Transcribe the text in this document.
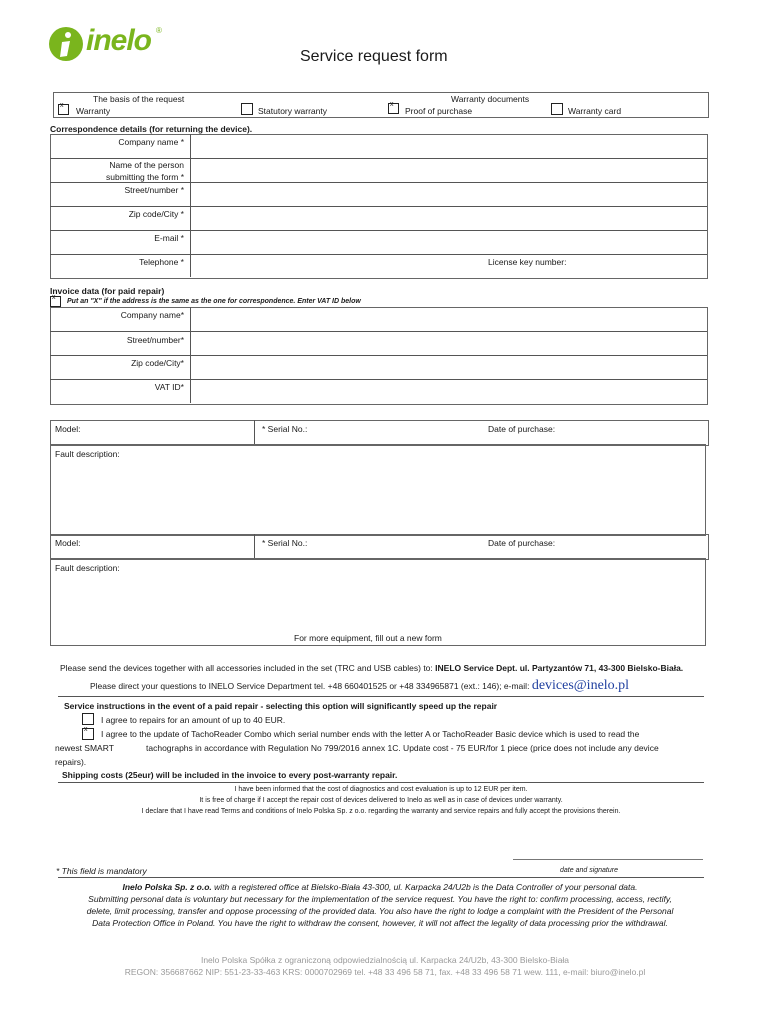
inelo ®
Service request form
The basis of the request
x
Warranty	Statutory warranty
Warranty documents
x
Proof of purchase	Warranty card
Correspondence details (for returning the device).
Company name *
Name of the person
submitting the form *
Street/number *
Zip code/City *
E-mail *
Telephone *	License key number:
Invoice data (for paid repair)
x
Put an "X" if the address is the same as the one for correspondence. Enter VAT ID below
Company name*
Street/number*
Zip code/City*
VAT ID*
Model:	* Serial No.:	Date of purchase:
Fault description:
Model:	* Serial No.:	Date of purchase:
Fault description:
For more equipment, fill out a new form
Please send the devices together with all accessories included in the set (TRC and USB cables) to: INELO Service Dept. ul. Partyzantów 71, 43-300 Bielsko-Biała.
Please direct your questions to INELO Service Department tel. +48 660401525 or +48 334965871 (ext.: 146); e-mail: devices@inelo.pl
Service instructions in the event of a paid repair - selecting this option will significantly speed up the repair
I agree to repairs for an amount of up to 40 EUR.
x I agree to the update of TachoReader Combo which serial number ends with the letter A or TachoReader Basic device which is used to read the
newest SMART	tachographs in accordance with Regulation No 799/2016 annex 1C. Update cost - 75 EUR/for 1 piece (price does not include any device
repairs).
Shipping costs (25eur) will be included in the invoice to every post-warranty repair.
I have been informed that the cost of diagnostics and cost evaluation is up to 12 EUR per item.
It is free of charge if I accept the repair cost of devices delivered to Inelo as well as in case of devices under warranty.
I declare that I have read Terms and conditions of Inelo Polska Sp. z o.o. regarding the warranty and service repairs and fully accept the provisions therein.
* This field is mandatory	date and signature
Inelo Polska Sp. z o.o. with a registered office at Bielsko-Biała 43-300, ul. Karpacka 24/U2b is the Data Controller of your personal data.
Submitting personal data is voluntary but necessary for the implementation of the service request. You have the right to: confirm processing, access, rectify,
delete, limit processing, transfer and oppose processing of the provided data. You also have the right to lodge a complaint with the President of the Personal
Data Protection Office in Poland. You have the right to withdraw the consent, however, it will not affect the legality of data processing prior the withdrawal.
Inelo Polska Spółka z ograniczoną odpowiedzialnością ul. Karpacka 24/U2b, 43-300 Bielsko-Biała
REGON: 356687662 NIP: 551-23-33-463 KRS: 0000702969 tel. +48 33 496 58 71, fax. +48 33 496 58 71 wew. 111, e-mail: biuro@inelo.pl
